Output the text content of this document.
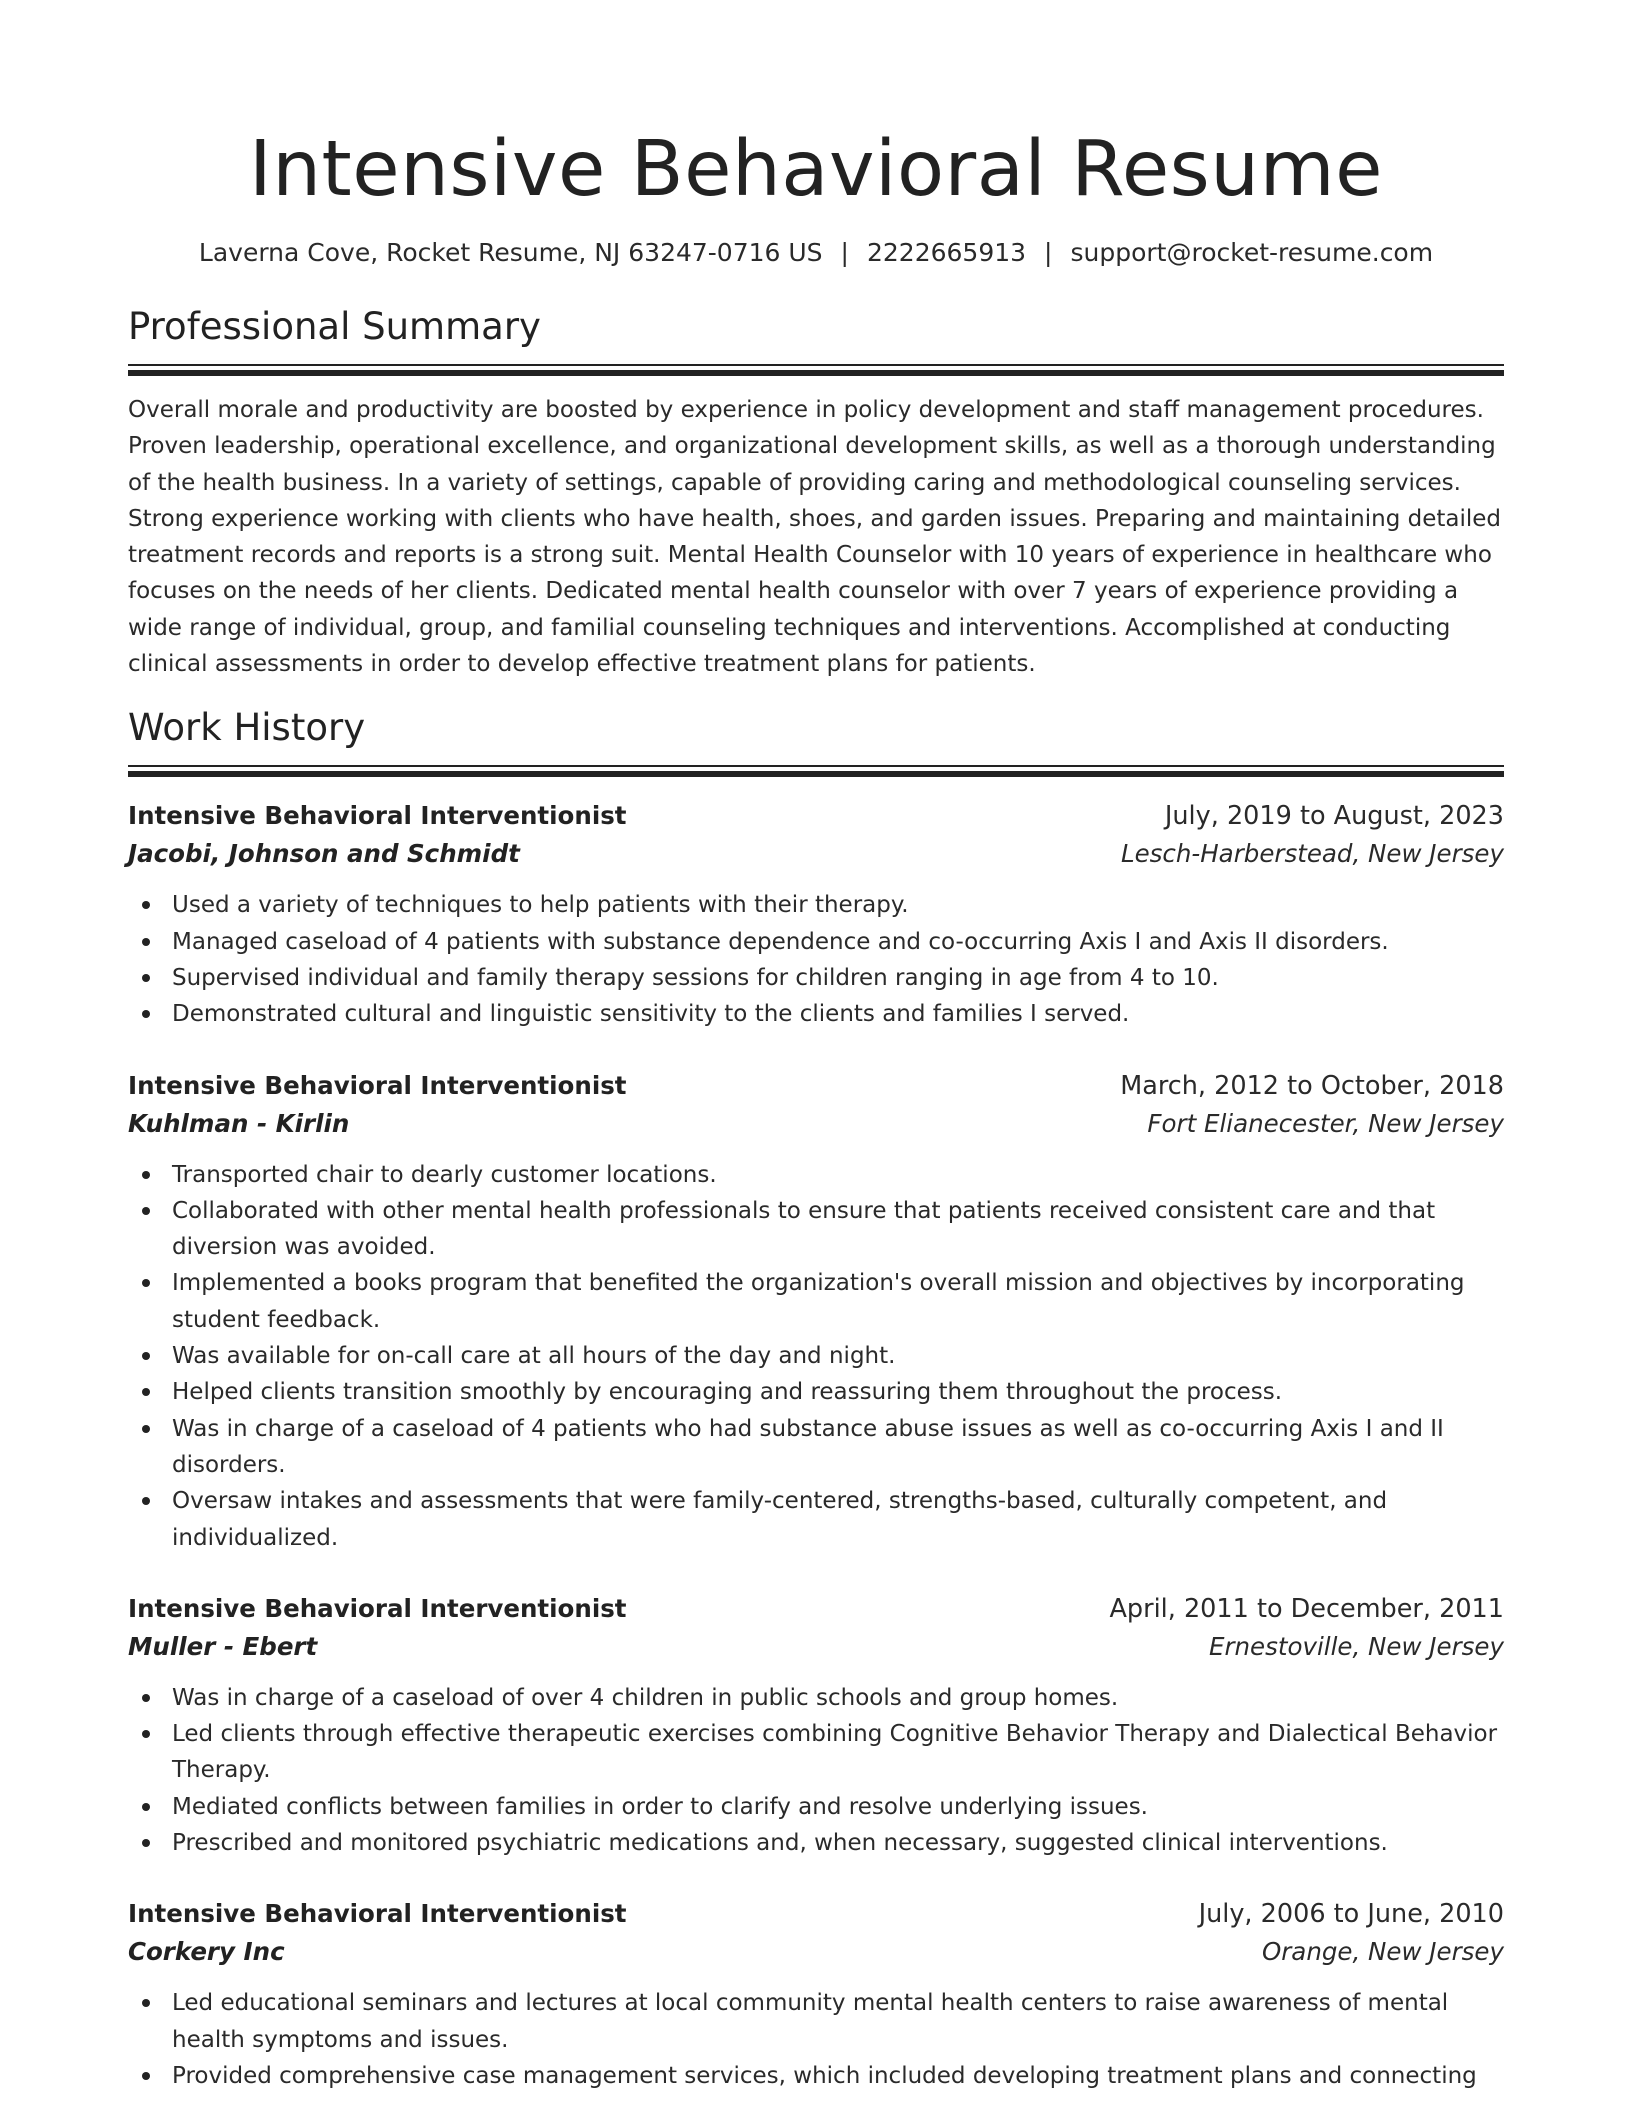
Intensive Behavioral Resume
Laverna Cove, Rocket Resume, NJ 63247-0716 US | 2222665913 | support@rocket-resume.com
Professional Summary

Overall morale and productivity are boosted by experience in policy development and staff management procedures. Proven leadership, operational excellence, and organizational development skills, as well as a thorough understanding of the health business. In a variety of settings, capable of providing caring and methodological counseling services. Strong experience working with clients who have health, shoes, and garden issues. Preparing and maintaining detailed treatment records and reports is a strong suit. Mental Health Counselor with 10 years of experience in healthcare who focuses on the needs of her clients. Dedicated mental health counselor with over 7 years of experience providing a wide range of individual, group, and familial counseling techniques and interventions. Accomplished at conducting clinical assessments in order to develop effective treatment plans for patients.

Work History
Intensive Behavioral Interventionist	July, 2019 to August, 2023
Jacobi, Johnson and Schmidt	Lesch-Harberstead, New Jersey
Used a variety of techniques to help patients with their therapy.
Managed caseload of 4 patients with substance dependence and co-occurring Axis I and Axis II disorders.
Supervised individual and family therapy sessions for children ranging in age from 4 to 10.
Demonstrated cultural and linguistic sensitivity to the clients and families I served.
Intensive Behavioral Interventionist	March, 2012 to October, 2018
Kuhlman - Kirlin	Fort Elianecester, New Jersey
Transported chair to dearly customer locations.
Collaborated with other mental health professionals to ensure that patients received consistent care and that diversion was avoided.
Implemented a books program that benefited the organization's overall mission and objectives by incorporating student feedback.
Was available for on-call care at all hours of the day and night.
Helped clients transition smoothly by encouraging and reassuring them throughout the process.
Was in charge of a caseload of 4 patients who had substance abuse issues as well as co-occurring Axis I and II disorders.
Oversaw intakes and assessments that were family-centered, strengths-based, culturally competent, and individualized.
Intensive Behavioral Interventionist	April, 2011 to December, 2011
Muller - Ebert	Ernestoville, New Jersey
Was in charge of a caseload of over 4 children in public schools and group homes.
Led clients through effective therapeutic exercises combining Cognitive Behavior Therapy and Dialectical Behavior Therapy.
Mediated conflicts between families in order to clarify and resolve underlying issues.
Prescribed and monitored psychiatric medications and, when necessary, suggested clinical interventions.
Intensive Behavioral Interventionist	July, 2006 to June, 2010
Corkery Inc	Orange, New Jersey
Led educational seminars and lectures at local community mental health centers to raise awareness of mental health symptoms and issues.
Provided comprehensive case management services, which included developing treatment plans and connecting
